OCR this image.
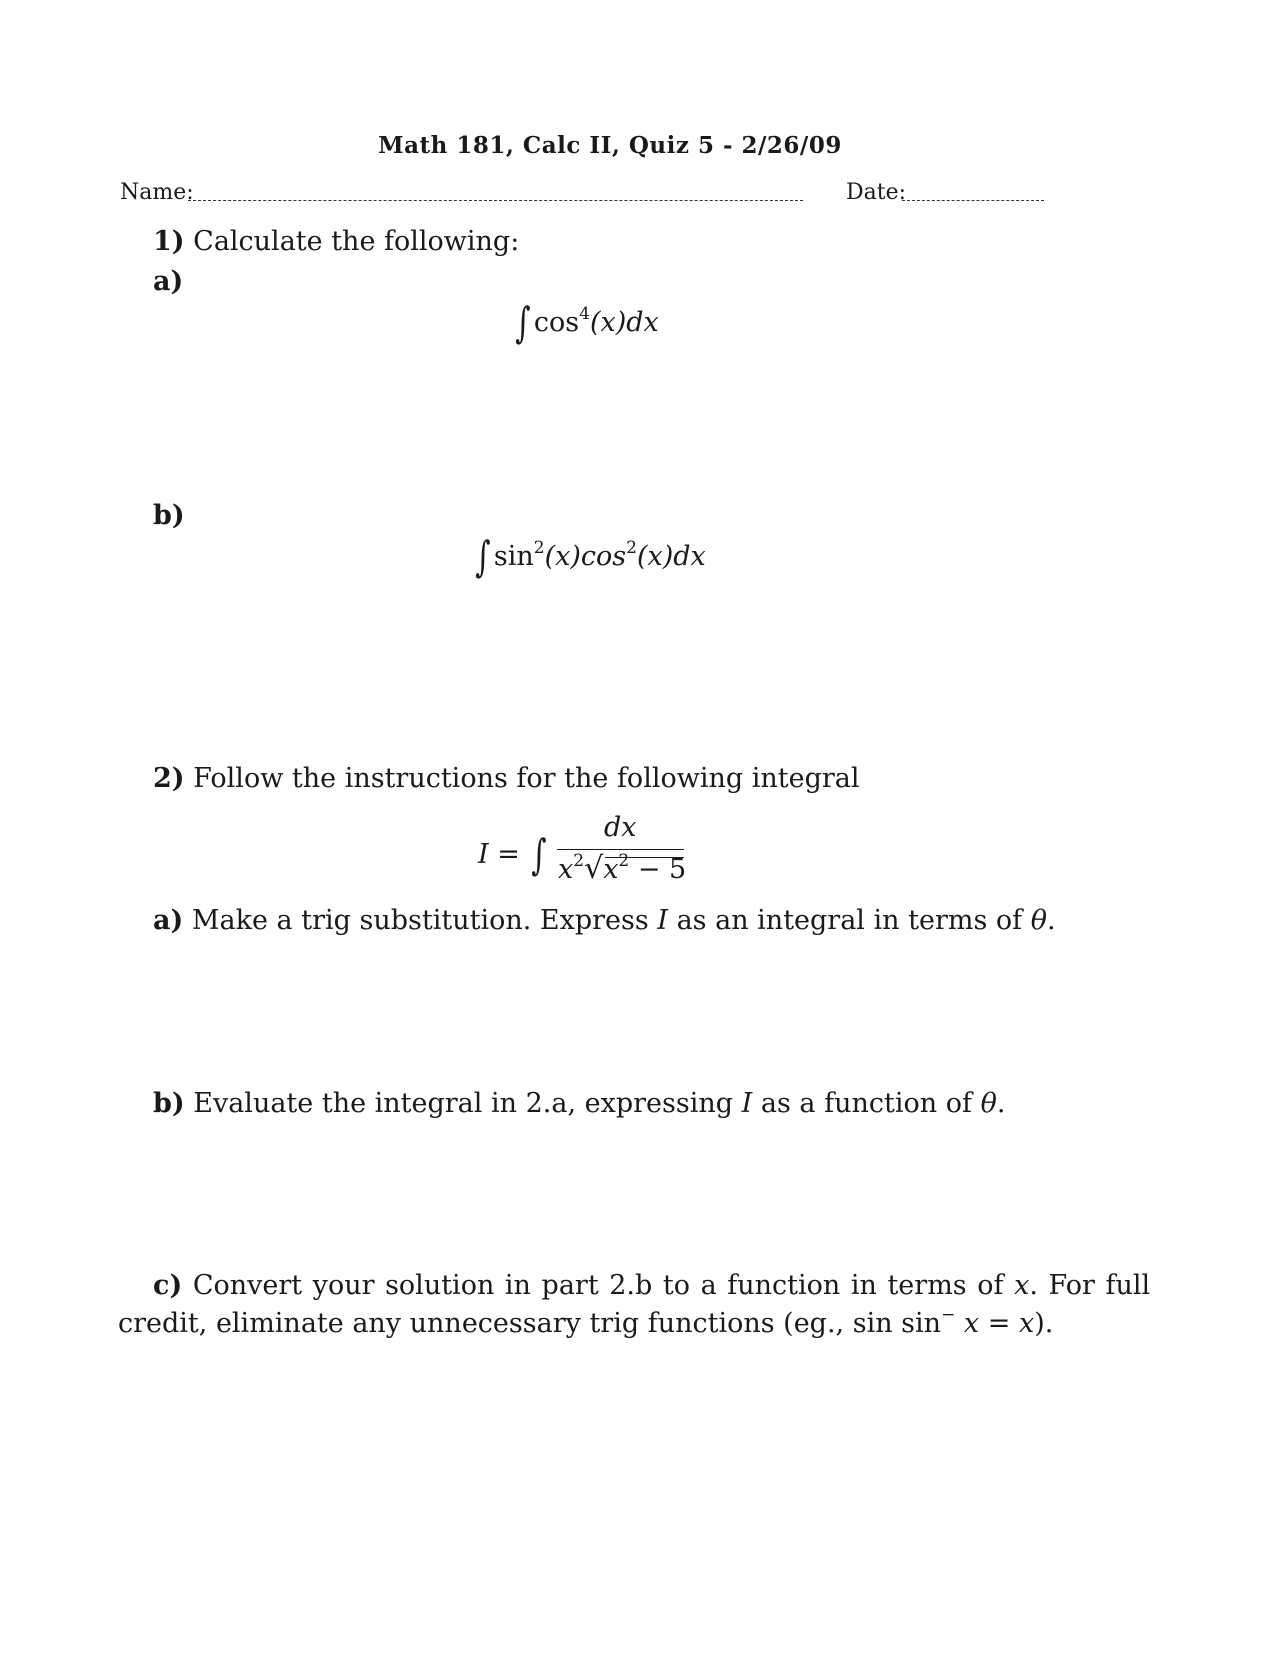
Math 181, Calc II, Quiz 5 - 2/26/09
Name:	Date:
1) Calculate the following:
a)
∫ $\cos^4(x)dx$
b)
∫ $\sin^2(x)\cos^2(x)dx$
2) Follow the instructions for the following integral
I = ∫
dx
$x^2√x^2 - 5$
a) Make a trig substitution. Express I as an integral in terms of θ.
b) Evaluate the integral in 2.a, expressing I as a function of θ.
c) Convert your solution in part 2.b to a function in terms of x. For full
credit, eliminate any unnecessary trig functions (eg., sin sin− x = x).
